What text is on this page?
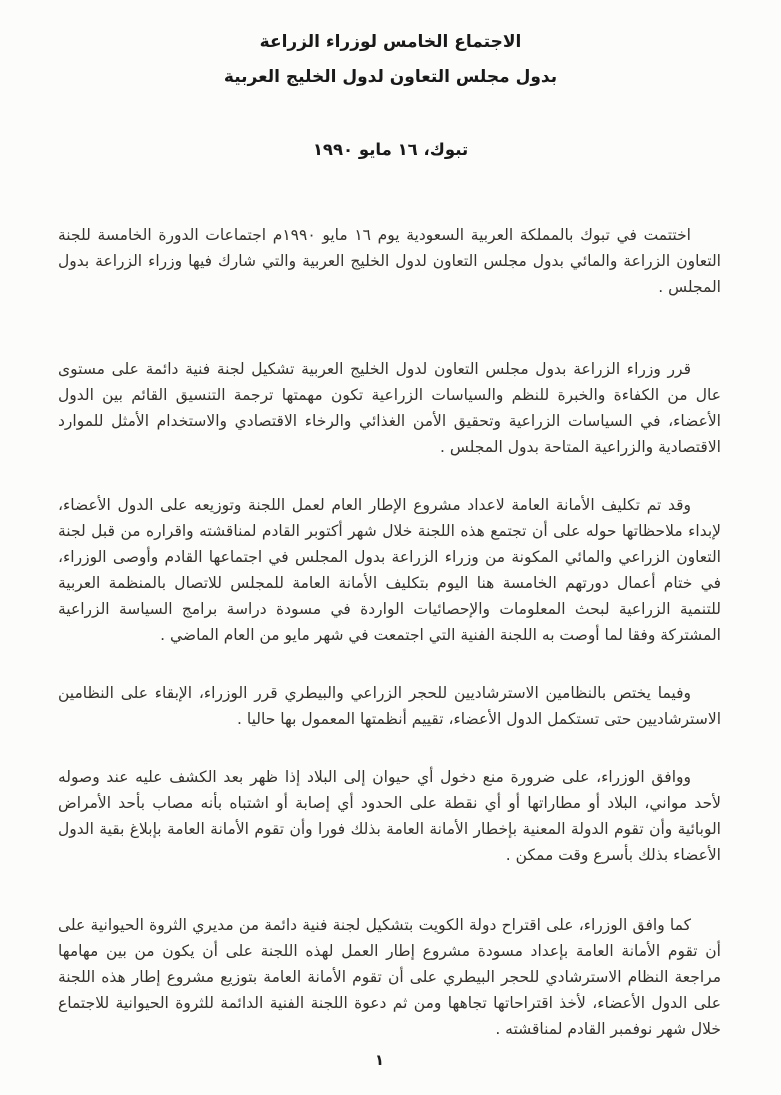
الاجتماع الخامس لوزراء الزراعة
بدول مجلس التعاون لدول الخليج العربية
تبوك، ١٦ مايو ١٩٩٠

اختتمت في تبوك بالمملكة العربية السعودية يوم ١٦ مايو ١٩٩٠م اجتماعات الدورة الخامسة للجنة التعاون الزراعة والمائي بدول مجلس التعاون لدول الخليج العربية والتي شارك فيها وزراء الزراعة بدول المجلس .

قرر وزراء الزراعة بدول مجلس التعاون لدول الخليج العربية تشكيل لجنة فنية دائمة على مستوى عال من الكفاءة والخبرة للنظم والسياسات الزراعية تكون مهمتها ترجمة التنسيق القائم بين الدول الأعضاء، في السياسات الزراعية وتحقيق الأمن الغذائي والرخاء الاقتصادي والاستخدام الأمثل للموارد الاقتصادية والزراعية المتاحة بدول المجلس .

وقد تم تكليف الأمانة العامة لاعداد مشروع الإطار العام لعمل اللجنة وتوزيعه على الدول الأعضاء، لإبداء ملاحظاتها حوله على أن تجتمع هذه اللجنة خلال شهر أكتوبر القادم لمناقشته واقراره من قبل لجنة التعاون الزراعي والمائي المكونة من وزراء الزراعة بدول المجلس في اجتماعها القادم وأوصى الوزراء، في ختام أعمال دورتهم الخامسة هنا اليوم بتكليف الأمانة العامة للمجلس للاتصال بالمنظمة العربية للتنمية الزراعية لبحث المعلومات والإحصائيات الواردة في مسودة دراسة برامج السياسة الزراعية المشتركة وفقا لما أوصت به اللجنة الفنية التي اجتمعت في شهر مايو من العام الماضي .

وفيما يختص بالنظامين الاسترشاديين للحجر الزراعي والبيطري قرر الوزراء، الإبقاء على النظامين الاسترشاديين حتى تستكمل الدول الأعضاء، تقييم أنظمتها المعمول بها حاليا .

ووافق الوزراء، على ضرورة منع دخول أي حيوان إلى البلاد إذا ظهر بعد الكشف عليه عند وصوله لأحد مواني، البلاد أو مطاراتها أو أي نقطة على الحدود أي إصابة أو اشتباه بأنه مصاب بأحد الأمراض الوبائية وأن تقوم الدولة المعنية بإخطار الأمانة العامة بذلك فورا وأن تقوم الأمانة العامة بإبلاغ بقية الدول الأعضاء بذلك بأسرع وقت ممكن .

كما وافق الوزراء، على اقتراح دولة الكويت بتشكيل لجنة فنية دائمة من مديري الثروة الحيوانية على أن تقوم الأمانة العامة بإعداد مسودة مشروع إطار العمل لهذه اللجنة على أن يكون من بين مهامها مراجعة النظام الاسترشادي للحجر البيطري على أن تقوم الأمانة العامة بتوزيع مشروع إطار هذه اللجنة على الدول الأعضاء، لأخذ اقتراحاتها تجاهها ومن ثم دعوة اللجنة الفنية الدائمة للثروة الحيوانية للاجتماع خلال شهر نوفمبر القادم لمناقشته .

١
